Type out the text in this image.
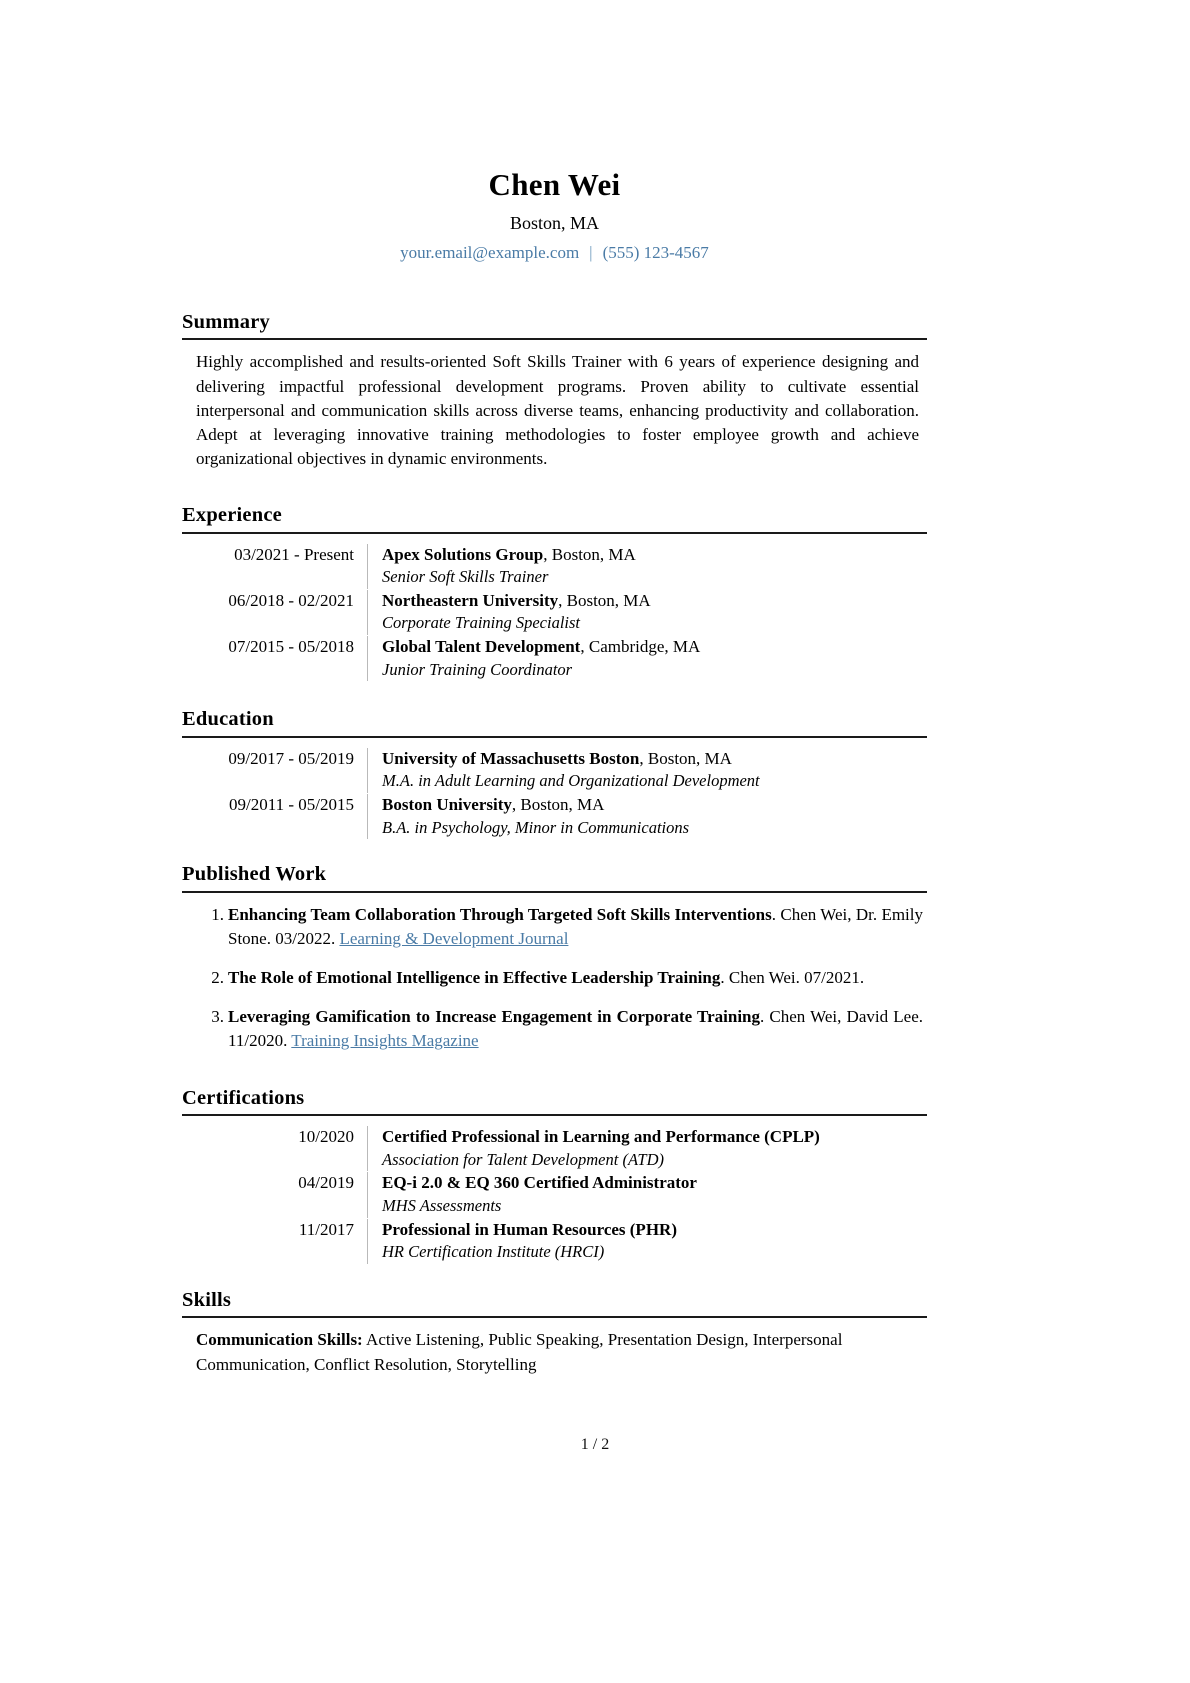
Chen Wei
Boston, MA
your.email@example.com | (555) 123-4567
Summary

Highly accomplished and results-oriented Soft Skills Trainer with 6 years of experience designing and delivering impactful professional development programs. Proven ability to cultivate essential interpersonal and communication skills across diverse teams, enhancing productivity and collaboration. Adept at leveraging innovative training methodologies to foster employee growth and achieve organizational objectives in dynamic environments.

Experience
03/2021 - Present	Apex Solutions Group, Boston, MA
Senior Soft Skills Trainer
06/2018 - 02/2021	Northeastern University, Boston, MA
Corporate Training Specialist
07/2015 - 05/2018	Global Talent Development, Cambridge, MA
Junior Training Coordinator
Education
09/2017 - 05/2019	University of Massachusetts Boston, Boston, MA
M.A. in Adult Learning and Organizational Development
09/2011 - 05/2015	Boston University, Boston, MA
B.A. in Psychology, Minor in Communications
Published Work
1. Enhancing Team Collaboration Through Targeted Soft Skills Interventions. Chen Wei, Dr. Emily Stone. 03/2022. Learning & Development Journal
2. The Role of Emotional Intelligence in Effective Leadership Training. Chen Wei. 07/2021.
3. Leveraging Gamification to Increase Engagement in Corporate Training. Chen Wei, David Lee. 11/2020. Training Insights Magazine
Certifications
10/2020	Certified Professional in Learning and Performance (CPLP)
Association for Talent Development (ATD)
04/2019	EQ-i 2.0 & EQ 360 Certified Administrator
MHS Assessments
11/2017	Professional in Human Resources (PHR)
HR Certification Institute (HRCI)
Skills

Communication Skills: Active Listening, Public Speaking, Presentation Design, Interpersonal Communication, Conflict Resolution, Storytelling

1 / 2
